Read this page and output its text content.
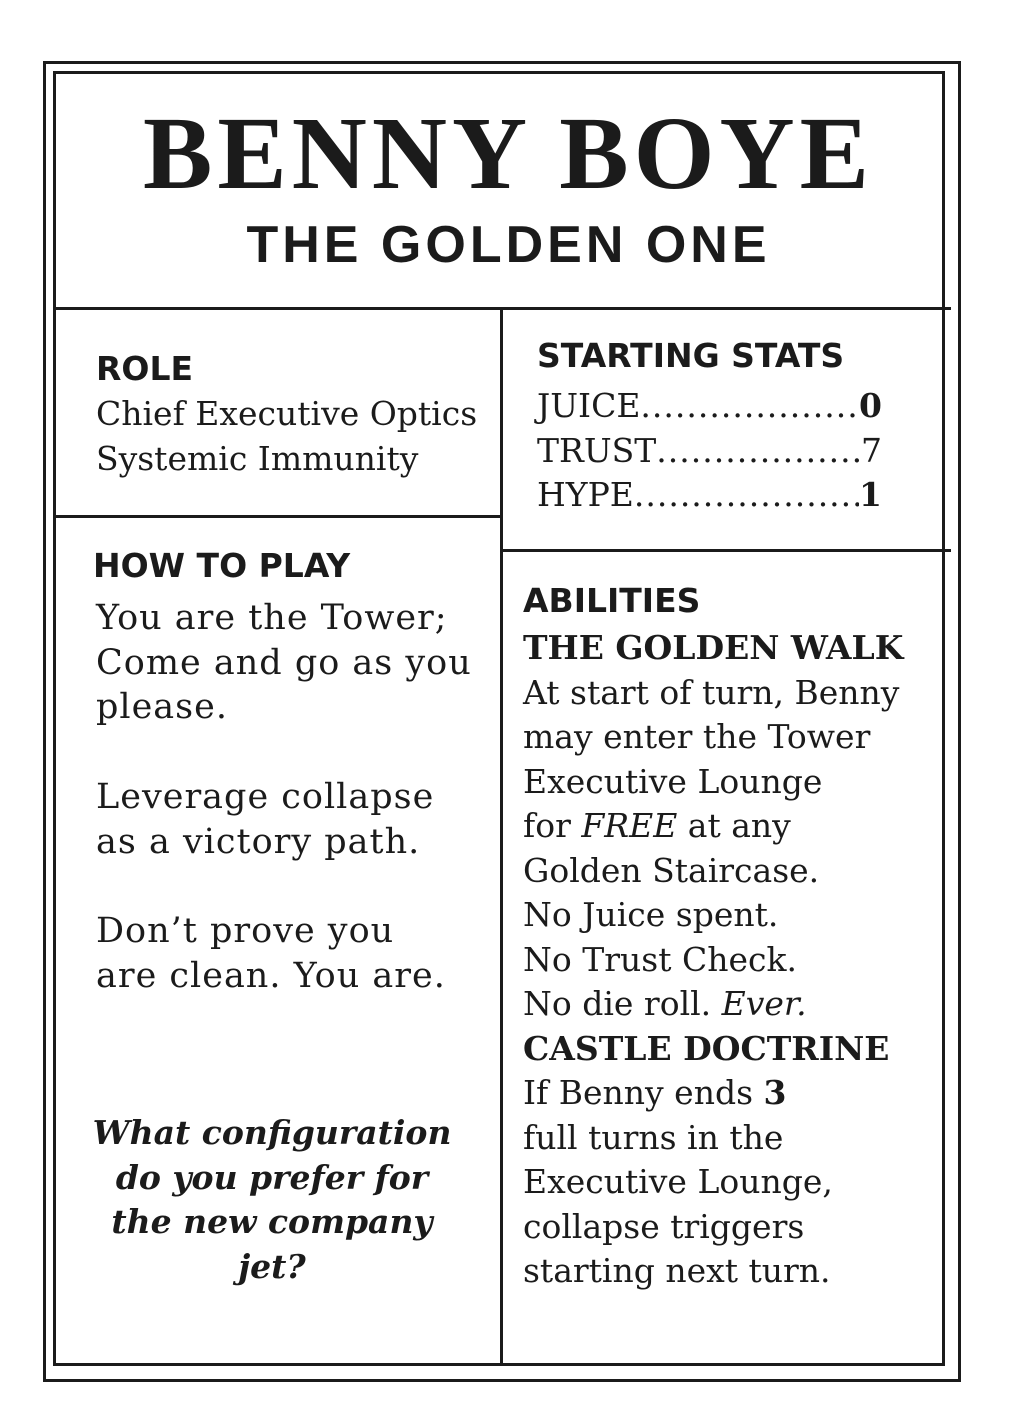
BENNY BOYE
THE GOLDEN ONE
ROLE

Chief Executive Optics

Systemic Immunity

STARTING STATS
JUICE .....	0
TRUST .....	7
HYPE .....	1
HOW TO PLAY

You are the Tower;

Come and go as you

please.

Leverage collapse

as a victory path.

Don’t prove you

are clean. You are.

What configuration

do you prefer for

the new company

jet?

ABILITIES

THE GOLDEN WALK

At start of turn, Benny

may enter the Tower

Executive Lounge

for FREE at any

Golden Staircase.

No Juice spent.

No Trust Check.

No die roll. Ever.

CASTLE DOCTRINE

If Benny ends 3

full turns in the

Executive Lounge,

collapse triggers

starting next turn.
